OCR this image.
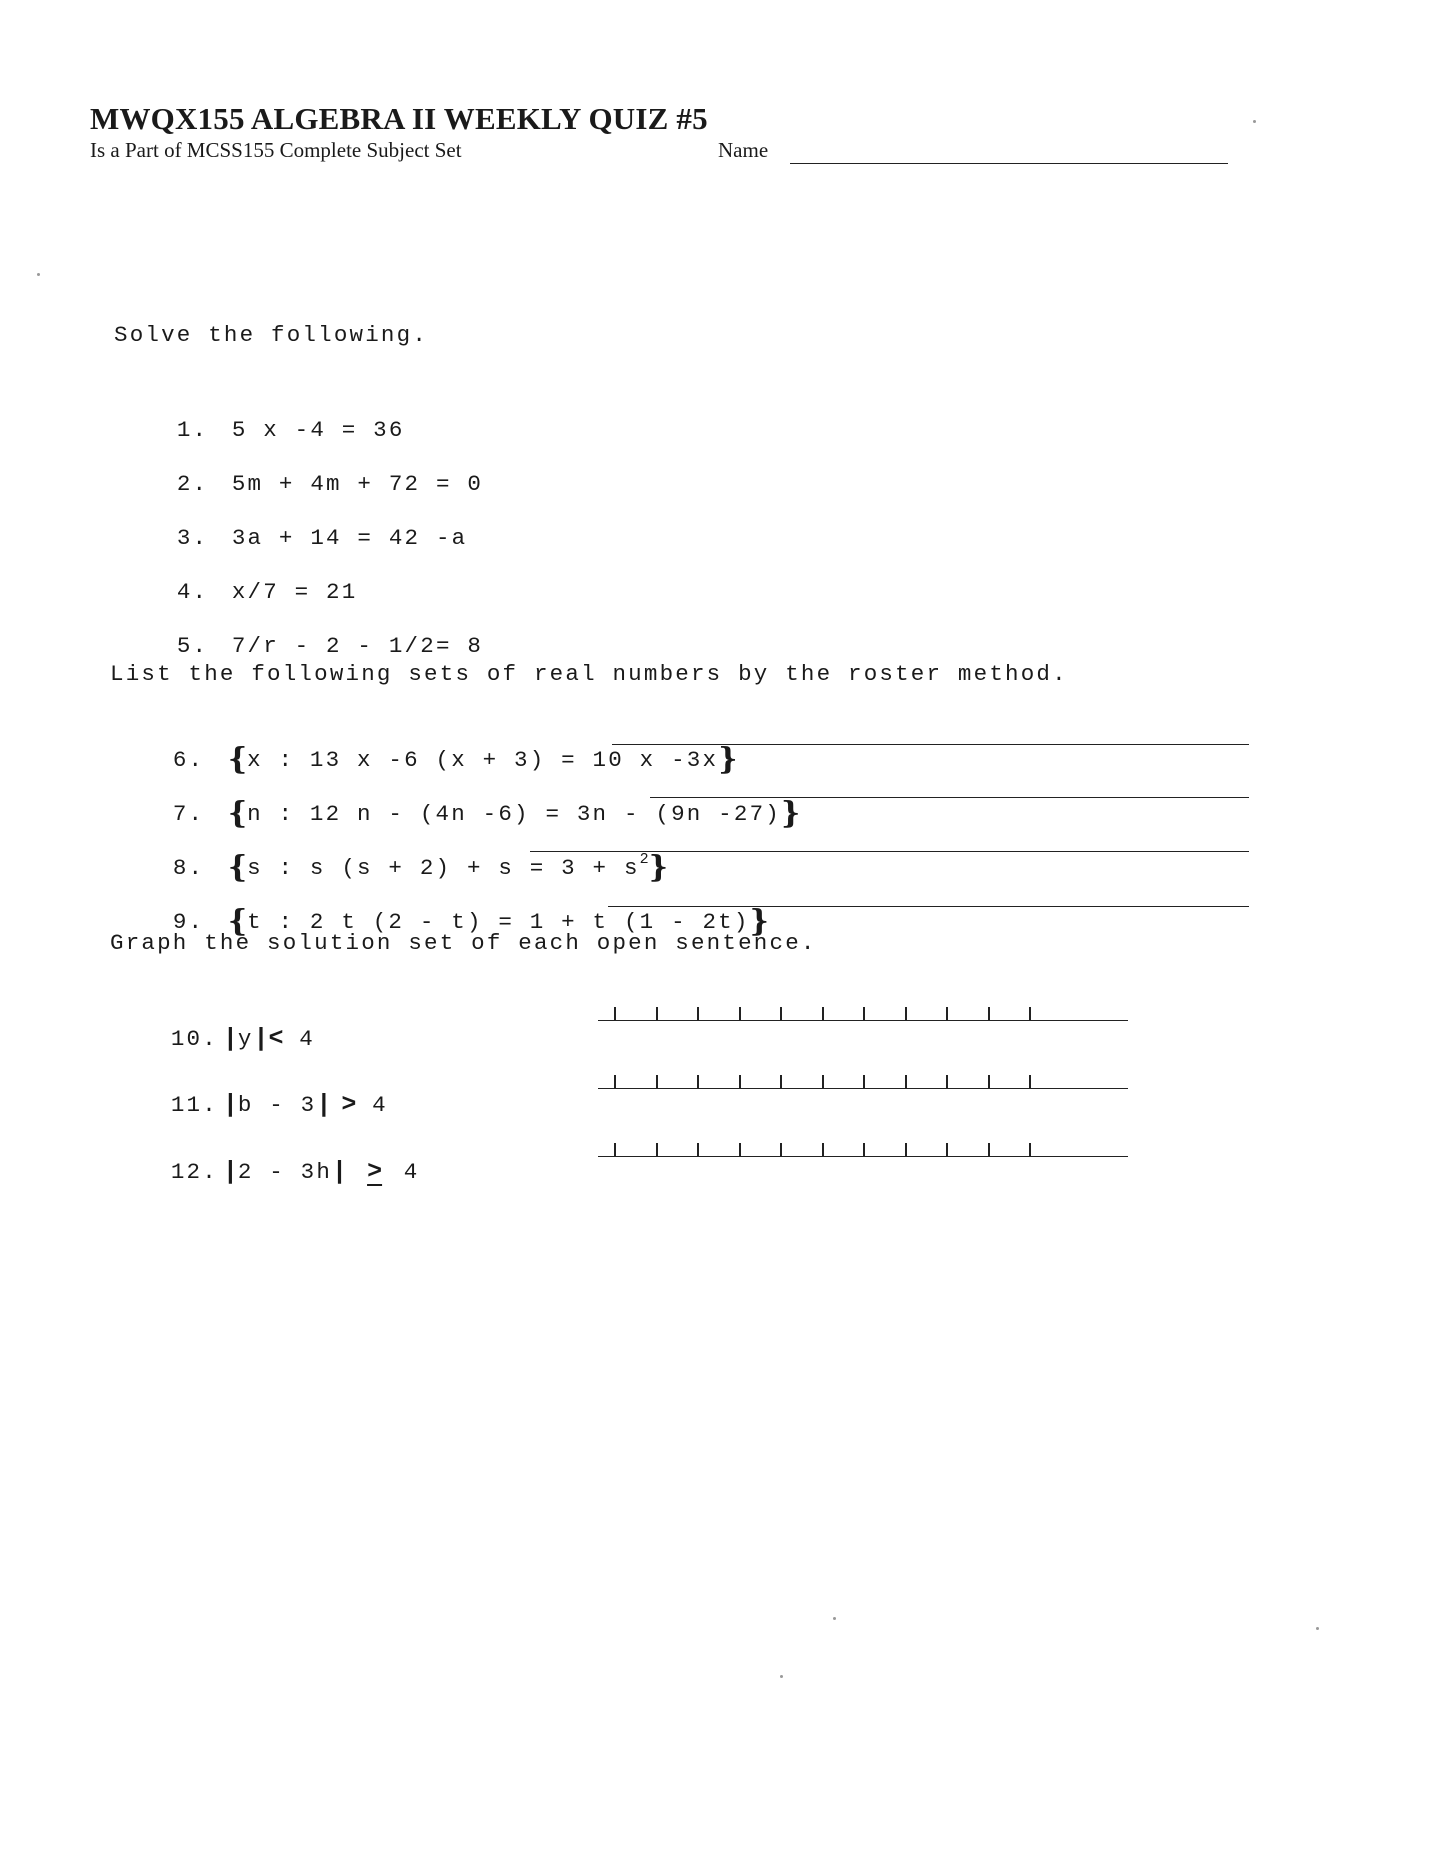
MWQX155 ALGEBRA II WEEKLY QUIZ #5
Is a Part of MCSS155 Complete Subject Set	Name
Solve the following.

1. 5 x -4 = 36

2. 5m + 4m + 72 = 0

3. 3a + 14 = 42 -a

4. x/7 = 21

5. 7/r - 2 - 1/2= 8

List the following sets of real numbers by the roster method.

6. {x : 13 x -6 (x + 3) = 10 x -3x}

7. {n : 12 n - (4n -6) = 3n - (9n -27)}

8. {s : s $(s + 2) + s = 3 + s^2$}

9. {t : 2 t (2 - t) = 1 + t (1 - 2t)}

Graph the solution set of each open sentence.

10. |y|< 4

11. |b - 3| > 4

12. |2 - 3h| ≥ 4
